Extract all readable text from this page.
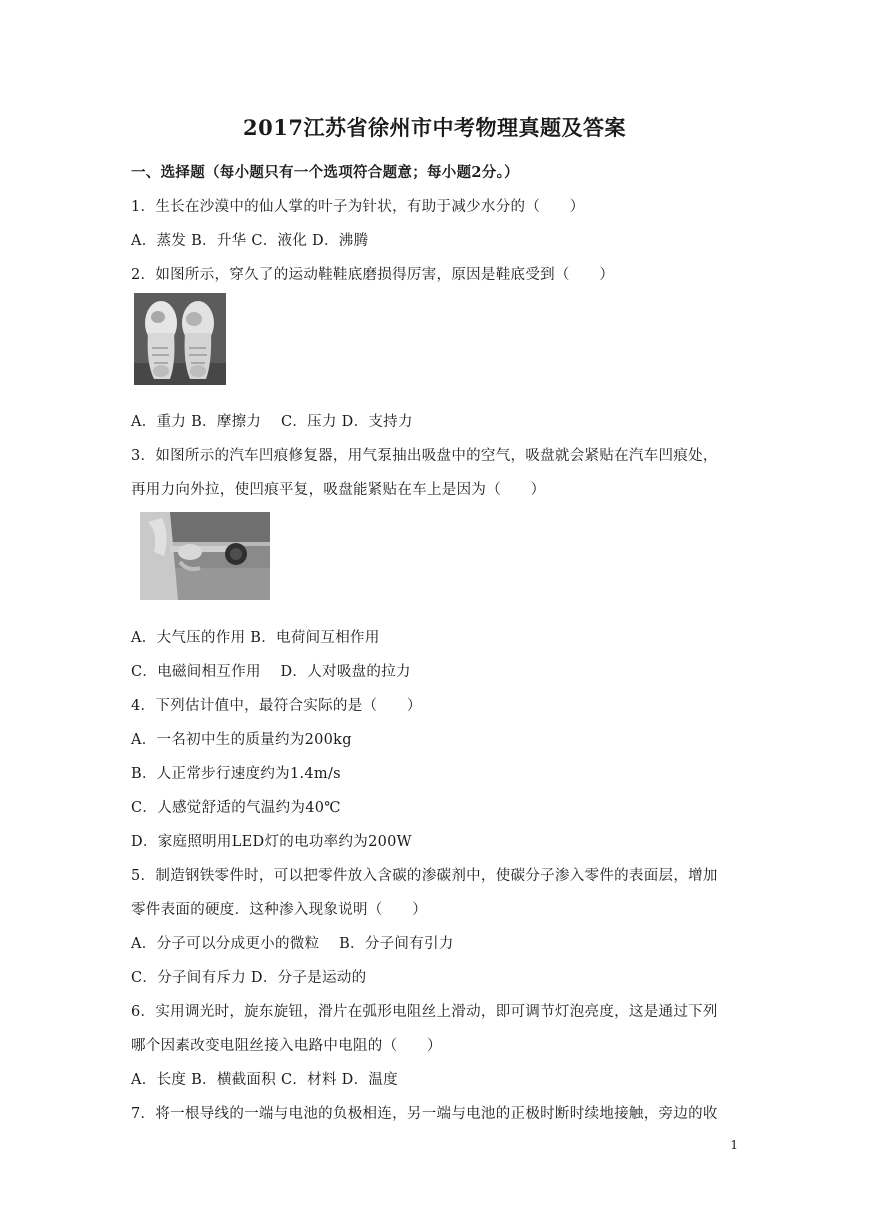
2017江苏省徐州市中考物理真题及答案
一、选择题（每小题只有一个选项符合题意；每小题2分。）
1．生长在沙漠中的仙人掌的叶子为针状，有助于减少水分的（　　）
A．蒸发 B．升华 C．液化 D．沸腾
2．如图所示，穿久了的运动鞋鞋底磨损得厉害，原因是鞋底受到（　　）
A．重力 B．摩擦力　 C．压力 D．支持力
3．如图所示的汽车凹痕修复器，用气泵抽出吸盘中的空气，吸盘就会紧贴在汽车凹痕处，
再用力向外拉，使凹痕平复，吸盘能紧贴在车上是因为（　　）
A．大气压的作用 B．电荷间互相作用
C．电磁间相互作用　 D．人对吸盘的拉力
4．下列估计值中，最符合实际的是（　　）
A．一名初中生的质量约为200kg
B．人正常步行速度约为1.4m/s
C．人感觉舒适的气温约为40℃
D．家庭照明用LED灯的电功率约为200W
5．制造钢铁零件时，可以把零件放入含碳的渗碳剂中，使碳分子渗入零件的表面层，增加
零件表面的硬度．这种渗入现象说明（　　）
A．分子可以分成更小的微粒　 B．分子间有引力
C．分子间有斥力 D．分子是运动的
6．实用调光时，旋东旋钮，滑片在弧形电阻丝上滑动，即可调节灯泡亮度，这是通过下列
哪个因素改变电阻丝接入电路中电阻的（　　）
A．长度 B．横截面积 C．材料 D．温度
7．将一根导线的一端与电池的负极相连，另一端与电池的正极时断时续地接触，旁边的收
1
